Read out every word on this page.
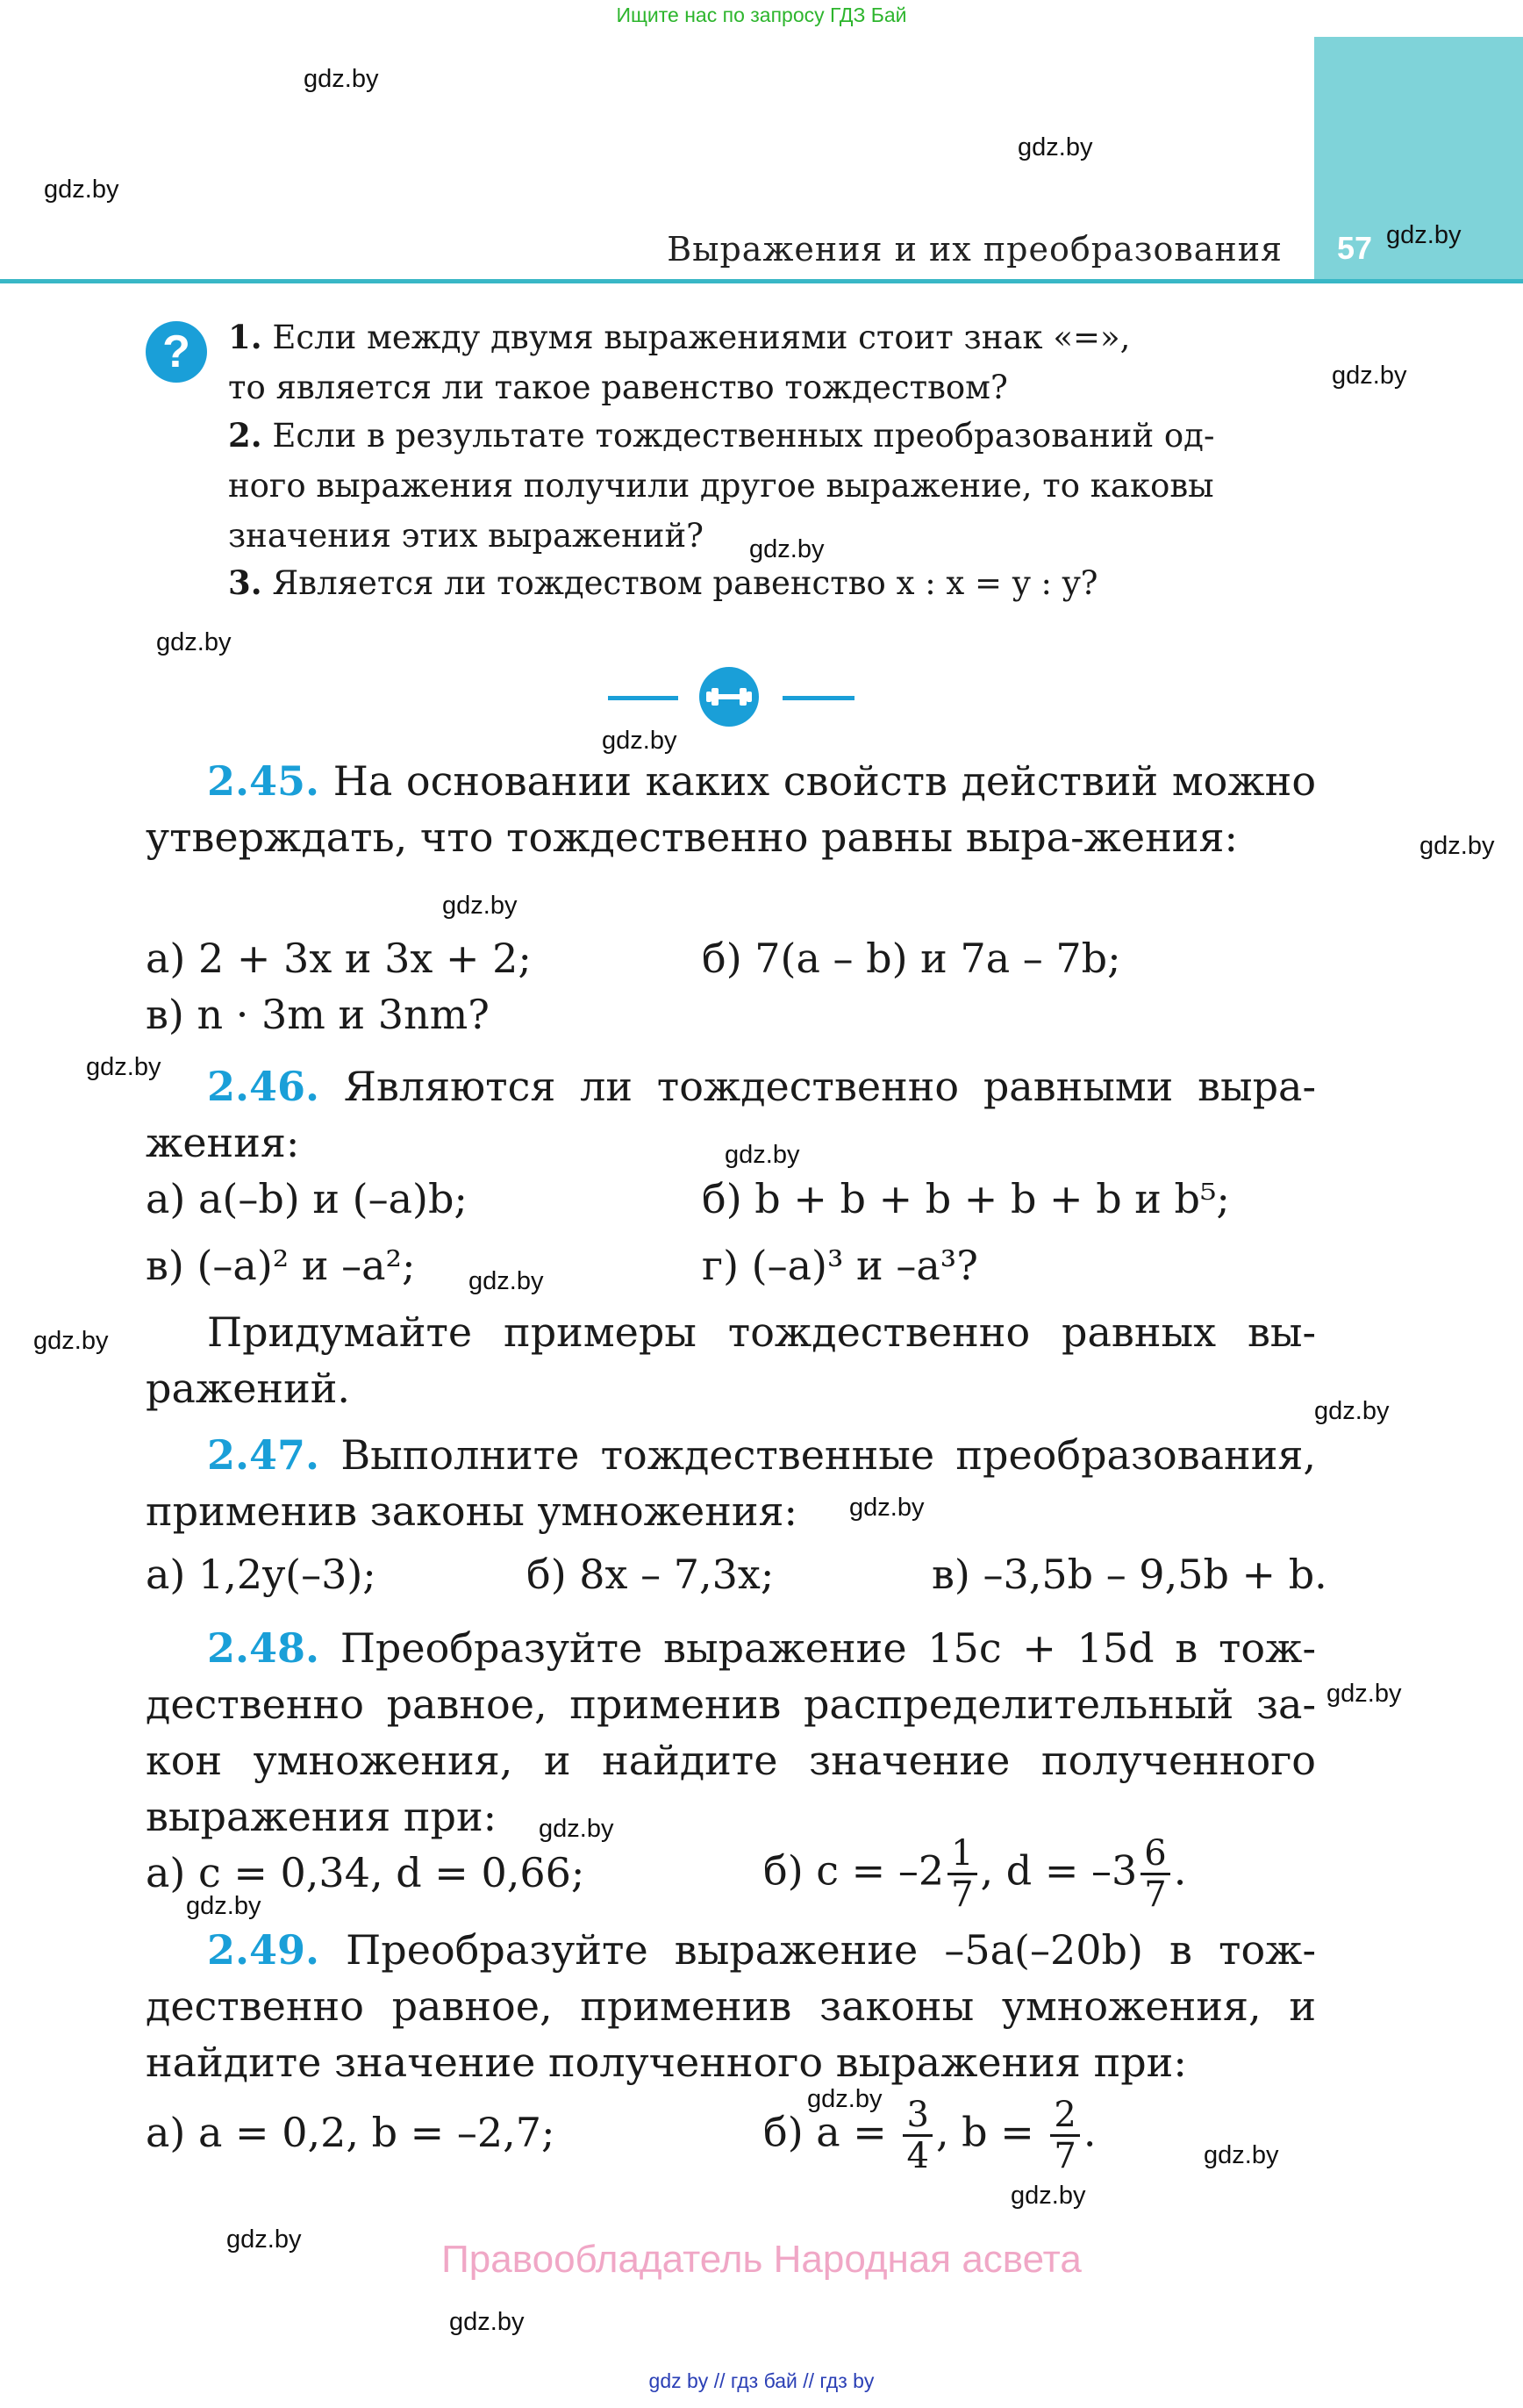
Ищите нас по запросу ГДЗ Бай
57
Выражения и их преобразования
?	1. Если между двумя выражениями стоит знак «=»,
то является ли такое равенство тождеством?
2. Если в результате тождественных преобразований од-
ного выражения получили другое выражение, то каковы
значения этих выражений?
3. Является ли тождеством равенство x : x = y : y?
2.45. На основании каких свойств действий можно утверждать, что тождественно равны выра-жения:
а) 2 + 3x и 3x + 2;	б) 7(a – b) и 7a – 7b;
в) n · 3m и 3nm?
2.46. Являются ли тождественно равными выра-жения:
а) a(–b) и (–a)b;	б) b + b + b + b + b и b⁵;
в) (–a)² и –a²;	г) (–a)³ и –a³?
Придумайте примеры тождественно равных вы-ражений.
2.47. Выполните тождественные преобразования, применив законы умножения:
а) 1,2y(–3);	б) 8x – 7,3x;	в) –3,5b – 9,5b + b.
2.48. Преобразуйте выражение 15c + 15d в тож-дественно равное, применив распределительный за-кон умножения, и найдите значение полученного выражения при:
а) c = 0,34, d = 0,66;	б) $c = -2 \frac{1}{7}$ , $d = -3 \frac{6}{7}$ .
2.49. Преобразуйте выражение –5a(–20b) в тож-дественно равное, применив законы умножения, и найдите значение полученного выражения при:
а) a = 0,2, b = –2,7;	б) $a = \frac{3}{4}$ , $b = \frac{2}{7}$ .
Правообладатель Народная асвета
gdz by // гдз бай // гдз by
gdz.by
gdz.by
gdz.by
gdz.by
gdz.by
gdz.by
gdz.by
gdz.by
gdz.by
gdz.by
gdz.by
gdz.by
gdz.by
gdz.by
gdz.by
gdz.by
gdz.by
gdz.by
gdz.by
gdz.by
gdz.by
gdz.by
gdz.by
gdz.by
